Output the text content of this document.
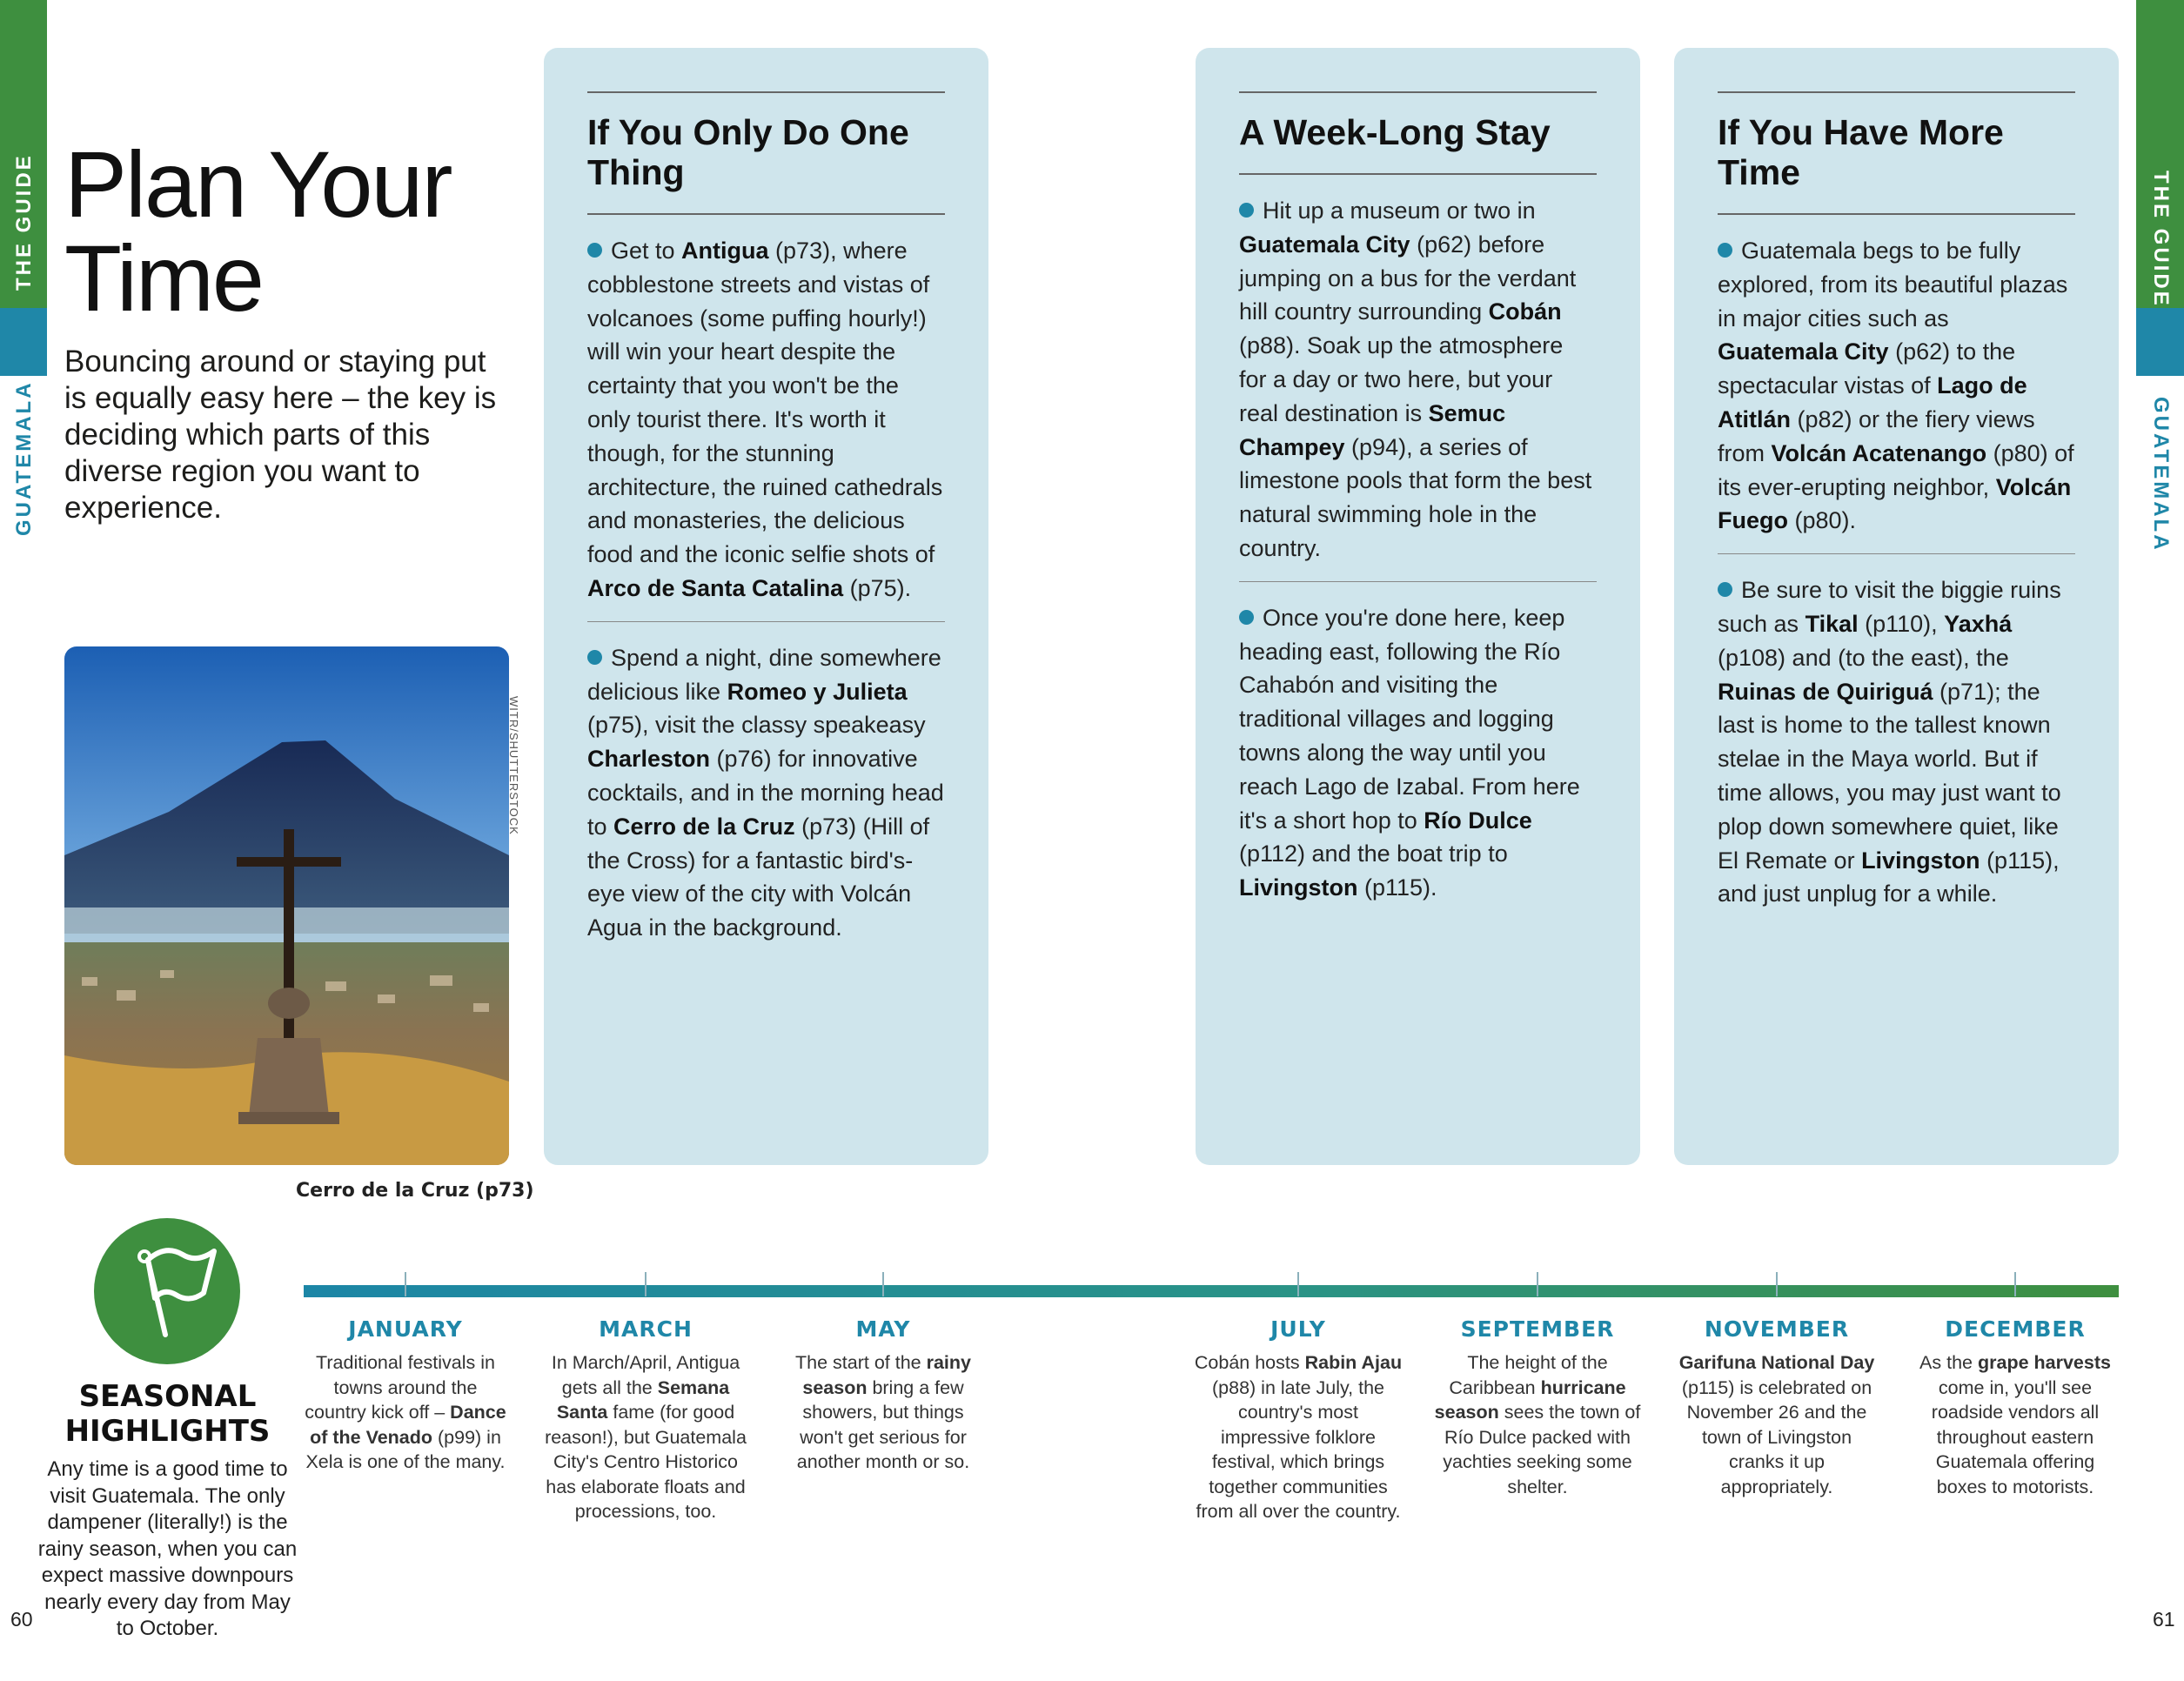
THE GUIDE
GUATEMALA
THE GUIDE
GUATEMALA
Plan Your
Time
Bouncing around or staying put is equally easy here – the key is deciding which parts of this diverse region you want to experience.
WITR/SHUTTERSTOCK
Cerro de la Cruz (p73)
If You Only Do One Thing
Get to Antigua (p73), where cobblestone streets and vistas of volcanoes (some puffing hourly!) will win your heart despite the certainty that you won't be the only tourist there. It's worth it though, for the stunning architecture, the ruined cathedrals and monasteries, the delicious food and the iconic selfie shots of Arco de Santa Catalina (p75).
Spend a night, dine somewhere delicious like Romeo y Julieta (p75), visit the classy speakeasy Charleston (p76) for innovative cocktails, and in the morning head to Cerro de la Cruz (p73) (Hill of the Cross) for a fantastic bird's-eye view of the city with Volcán Agua in the background.
A Week-Long Stay
Hit up a museum or two in Guatemala City (p62) before jumping on a bus for the verdant hill country surrounding Cobán (p88). Soak up the atmosphere for a day or two here, but your real destination is Semuc Champey (p94), a series of limestone pools that form the best natural swimming hole in the country.
Once you're done here, keep heading east, following the Río Cahabón and visiting the traditional villages and logging towns along the way until you reach Lago de Izabal. From here it's a short hop to Río Dulce (p112) and the boat trip to Livingston (p115).
If You Have More Time
Guatemala begs to be fully explored, from its beautiful plazas in major cities such as Guatemala City (p62) to the spectacular vistas of Lago de Atitlán (p82) or the fiery views from Volcán Acatenango (p80) of its ever-erupting neighbor, Volcán Fuego (p80).
Be sure to visit the biggie ruins such as Tikal (p110), Yaxhá (p108) and (to the east), the Ruinas de Quiriguá (p71); the last is home to the tallest known stelae in the Maya world. But if time allows, you may just want to plop down somewhere quiet, like El Remate or Livingston (p115), and just unplug for a while.
SEASONAL HIGHLIGHTS
Any time is a good time to visit Guatemala. The only dampener (literally!) is the rainy season, when you can expect massive downpours nearly every day from May to October.
JANUARY
Traditional festivals in towns around the country kick off – Dance of the Venado (p99) in Xela is one of the many.
MARCH
In March/April, Antigua gets all the Semana Santa fame (for good reason!), but Guatemala City's Centro Historico has elaborate floats and processions, too.
MAY
The start of the rainy season bring a few showers, but things won't get serious for another month or so.
JULY
Cobán hosts Rabin Ajau (p88) in late July, the country's most impressive folklore festival, which brings together communities from all over the country.
SEPTEMBER
The height of the Caribbean hurricane season sees the town of Río Dulce packed with yachties seeking some shelter.
NOVEMBER
Garifuna National Day (p115) is celebrated on November 26 and the town of Livingston cranks it up appropriately.
DECEMBER
As the grape harvests come in, you'll see roadside vendors all throughout eastern Guatemala offering boxes to motorists.
60	61
